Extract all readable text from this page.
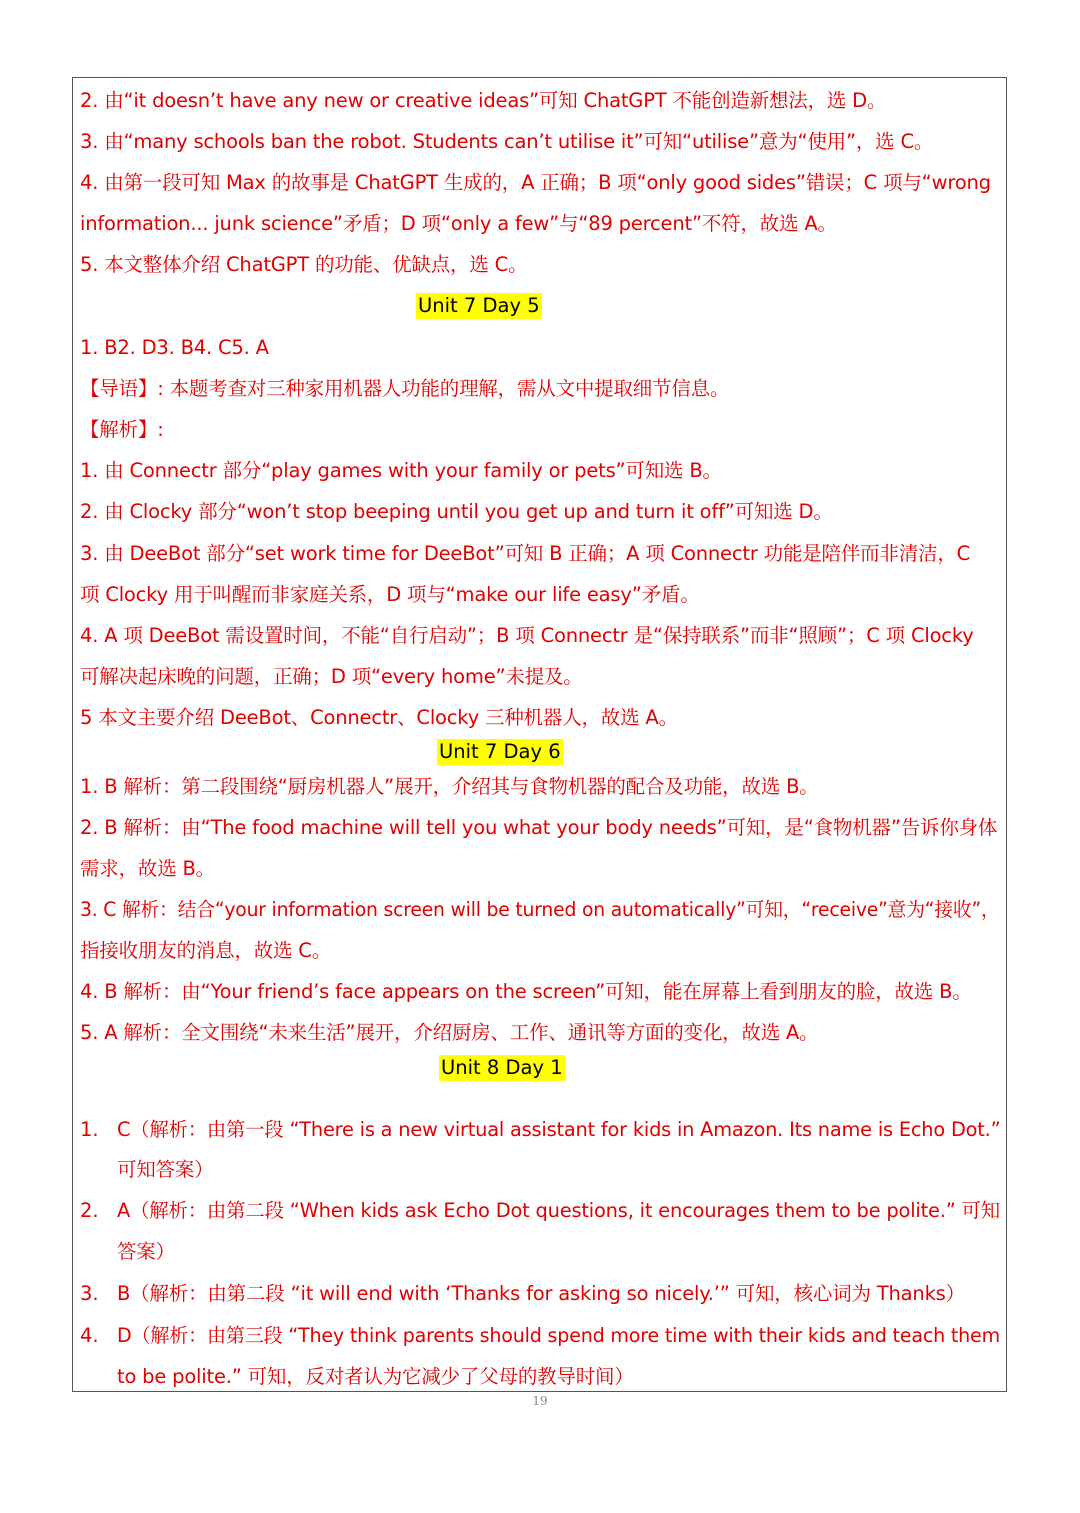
2. 由“it doesn’t have any new or creative ideas”可知 ChatGPT 不能创造新想法，选 D。
3. 由“many schools ban the robot. Students can’t utilise it”可知“utilise”意为“使用”，选 C。
4. 由第一段可知 Max 的故事是 ChatGPT 生成的，A 正确；B 项“only good sides”错误；C 项与“wrong
information... junk science”矛盾；D 项“only a few”与“89 percent”不符，故选 A。
5. 本文整体介绍 ChatGPT 的功能、优缺点，选 C。
Unit 7 Day 5
1. B2. D3. B4. C5. A
【导语】: 本题考查对三种家用机器人功能的理解，需从文中提取细节信息。
【解析】:
1. 由 Connectr 部分“play games with your family or pets”可知选 B。
2. 由 Clocky 部分“won’t stop beeping until you get up and turn it off”可知选 D。
3. 由 DeeBot 部分“set work time for DeeBot”可知 B 正确；A 项 Connectr 功能是陪伴而非清洁，C
项 Clocky 用于叫醒而非家庭关系，D 项与“make our life easy”矛盾。
4. A 项 DeeBot 需设置时间，不能“自行启动”；B 项 Connectr 是“保持联系”而非“照顾”；C 项 Clocky
可解决起床晚的问题，正确；D 项“every home”未提及。
5 本文主要介绍 DeeBot、Connectr、Clocky 三种机器人，故选 A。
Unit 7 Day 6
1. B 解析：第二段围绕“厨房机器人”展开，介绍其与食物机器的配合及功能，故选 B。
2. B 解析：由“The food machine will tell you what your body needs”可知，是“食物机器”告诉你身体
需求，故选 B。
3. C 解析：结合“your information screen will be turned on automatically”可知，“receive”意为“接收”，
指接收朋友的消息，故选 C。
4. B 解析：由“Your friend’s face appears on the screen”可知，能在屏幕上看到朋友的脸，故选 B。
5. A 解析：全文围绕“未来生活”展开，介绍厨房、工作、通讯等方面的变化，故选 A。
Unit 8 Day 1
1. C（解析：由第一段 “There is a new virtual assistant for kids in Amazon. Its name is Echo Dot.”
可知答案）
2. A（解析：由第二段 “When kids ask Echo Dot questions, it encourages them to be polite.” 可知
答案）
3. B（解析：由第二段 “it will end with ‘Thanks for asking so nicely.’” 可知，核心词为 Thanks）
4. D（解析：由第三段 “They think parents should spend more time with their kids and teach them
to be polite.” 可知，反对者认为它减少了父母的教导时间）
19
